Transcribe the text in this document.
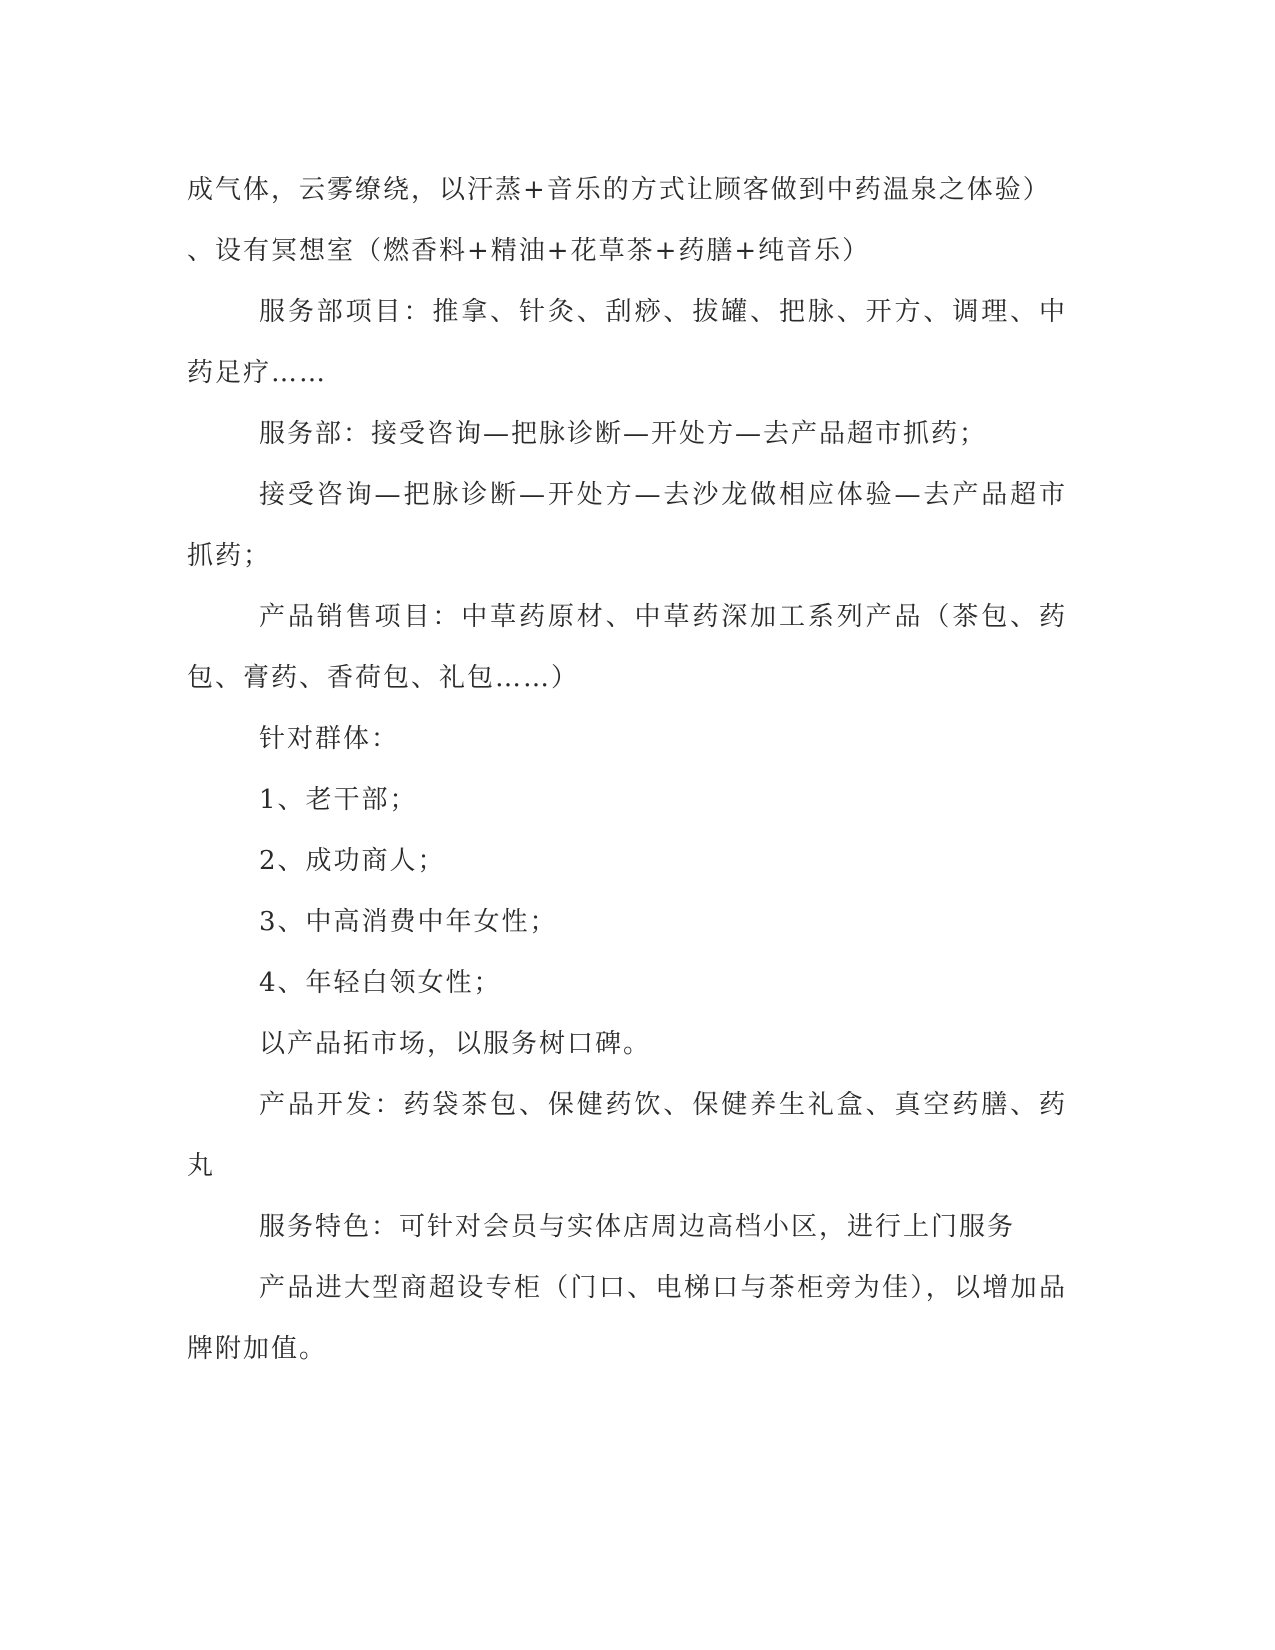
成气体，云雾缭绕，以汗蒸+音乐的方式让顾客做到中药温泉之体验）

、设有冥想室（燃香料+精油+花草茶+药膳+纯音乐）

服务部项目：推拿、针灸、刮痧、拔罐、把脉、开方、调理、中药足疗……

服务部：接受咨询—把脉诊断—开处方—去产品超市抓药；

接受咨询—把脉诊断—开处方—去沙龙做相应体验—去产品超市抓药；

产品销售项目：中草药原材、中草药深加工系列产品（茶包、药包、膏药、香荷包、礼包……）

针对群体：

1、老干部；

2、成功商人；

3、中高消费中年女性；

4、年轻白领女性；

以产品拓市场，以服务树口碑。

产品开发：药袋茶包、保健药饮、保健养生礼盒、真空药膳、药丸

服务特色：可针对会员与实体店周边高档小区，进行上门服务

产品进大型商超设专柜（门口、电梯口与茶柜旁为佳），以增加品牌附加值。
